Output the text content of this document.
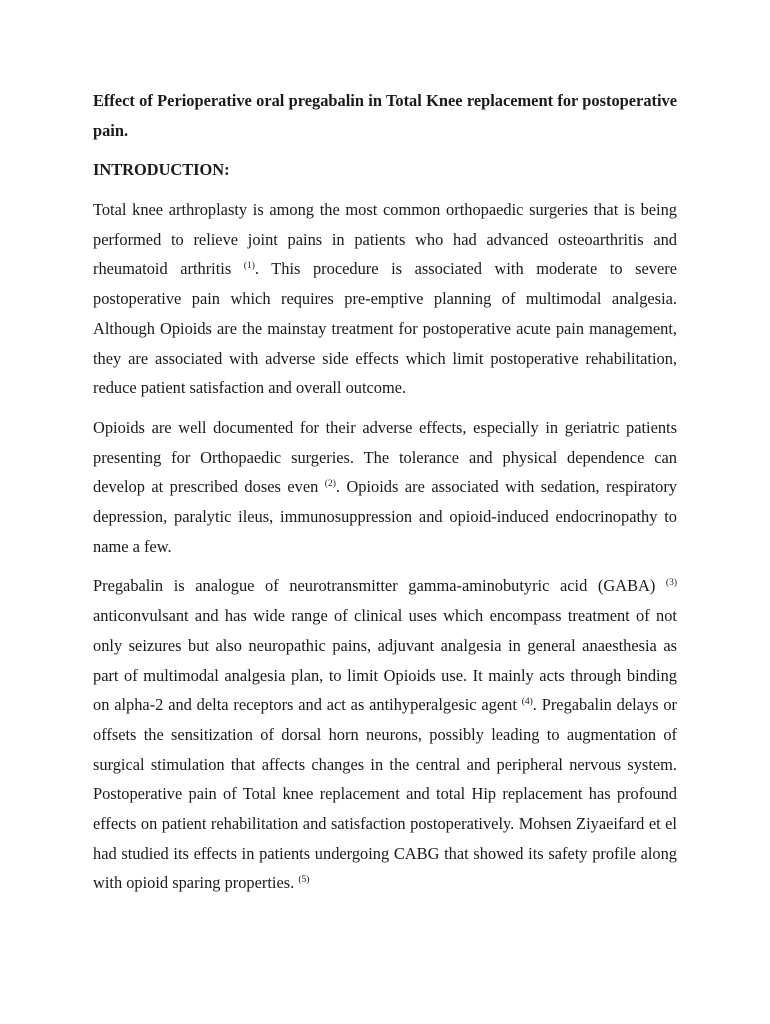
Effect of Perioperative oral pregabalin in Total Knee replacement for postoperative pain.

INTRODUCTION:

Total knee arthroplasty is among the most common orthopaedic surgeries that is being performed to relieve joint pains in patients who had advanced osteoarthritis and rheumatoid arthritis $^{(1)}$. This procedure is associated with moderate to severe postoperative pain which requires pre-emptive planning of multimodal analgesia. Although Opioids are the mainstay treatment for postoperative acute pain management, they are associated with adverse side effects which limit postoperative rehabilitation, reduce patient satisfaction and overall outcome.

Opioids are well documented for their adverse effects, especially in geriatric patients presenting for Orthopaedic surgeries. The tolerance and physical dependence can develop at prescribed doses even $^{(2)}$. Opioids are associated with sedation, respiratory depression, paralytic ileus, immunosuppression and opioid-induced endocrinopathy to name a few.

Pregabalin is analogue of neurotransmitter gamma-aminobutyric acid (GABA) $^{(3)}$ anticonvulsant and has wide range of clinical uses which encompass treatment of not only seizures but also neuropathic pains, adjuvant analgesia in general anaesthesia as part of multimodal analgesia plan, to limit Opioids use. It mainly acts through binding on alpha-2 and delta receptors and act as antihyperalgesic agent $^{(4)}$. Pregabalin delays or offsets the sensitization of dorsal horn neurons, possibly leading to augmentation of surgical stimulation that affects changes in the central and peripheral nervous system. Postoperative pain of Total knee replacement and total Hip replacement has profound effects on patient rehabilitation and satisfaction postoperatively. Mohsen Ziyaeifard et el had studied its effects in patients undergoing CABG that showed its safety profile along with opioid sparing properties. $^{(5)}$
